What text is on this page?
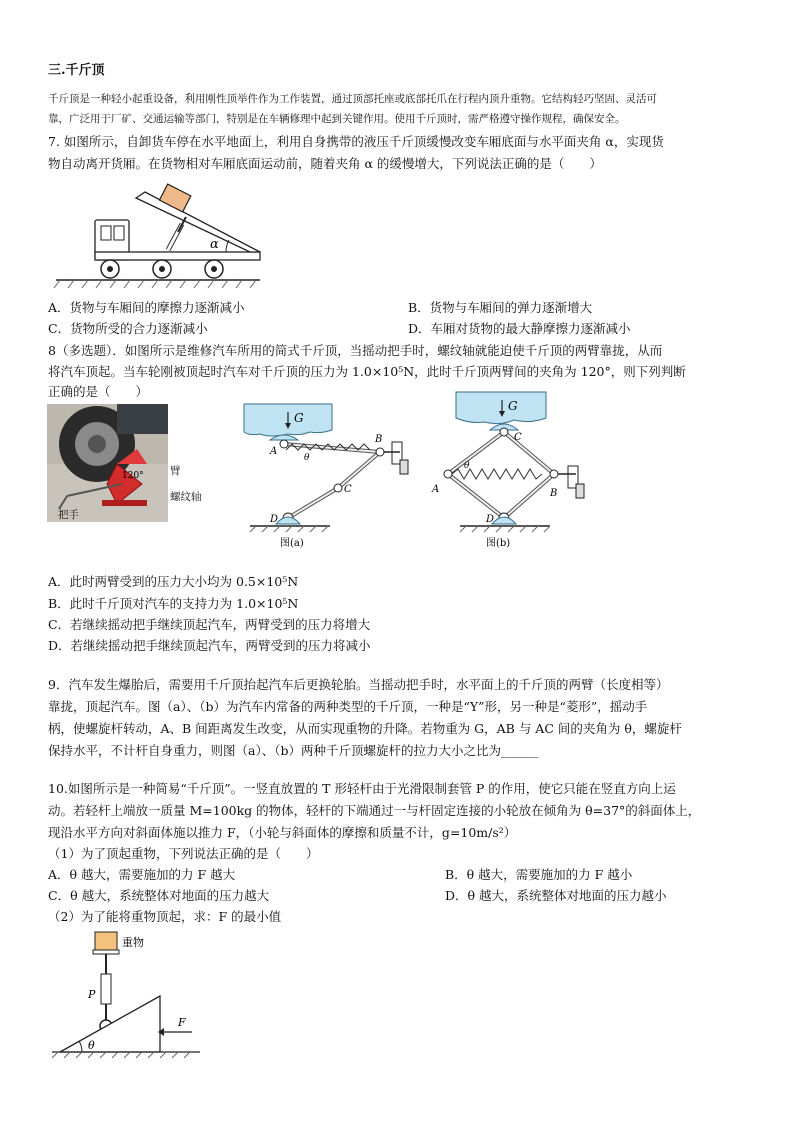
三.千斤顶
千斤顶是一种轻小起重设备，利用刚性顶举件作为工作装置，通过顶部托座或底部托爪在行程内顶升重物。它结构轻巧坚固、灵活可
靠，广泛用于厂矿、交通运输等部门，特别是在车辆修理中起到关键作用。使用千斤顶时，需严格遵守操作规程，确保安全。
7. 如图所示，自卸货车停在水平地面上，利用自身携带的液压千斤顶缓慢改变车厢底面与水平面夹角 α，实现货
物自动离开货厢。在货物相对车厢底面运动前，随着夹角 α 的缓慢增大，下列说法正确的是（　　）
α
A．货物与车厢间的摩擦力逐渐减小	B．货物与车厢间的弹力逐渐增大
C．货物所受的合力逐渐减小	D．车厢对货物的最大静摩擦力逐渐减小
8（多选题）．如图所示是维修汽车所用的简式千斤顶，当摇动把手时，螺纹轴就能迫使千斤顶的两臂靠拢，从而
将汽车顶起。当车轮刚被顶起时汽车对千斤顶的压力为 1.0×10⁵N，此时千斤顶两臂间的夹角为 120°，则下列判断
正确的是（　　）
120°	臂
螺纹轴
把手
G
A
B
C
D
θ
图(a)
G
A	B
C
D
θ
图(b)
A．此时两臂受到的压力大小均为 0.5×10⁵N
B．此时千斤顶对汽车的支持力为 1.0×10⁵N
C．若继续摇动把手继续顶起汽车，两臂受到的压力将增大
D．若继续摇动把手继续顶起汽车，两臂受到的压力将减小
9．汽车发生爆胎后，需要用千斤顶抬起汽车后更换轮胎。当摇动把手时，水平面上的千斤顶的两臂（长度相等）
靠拢，顶起汽车。图（a）、（b）为汽车内常备的两种类型的千斤顶，一种是“Y”形，另一种是“菱形”，摇动手
柄，使螺旋杆转动，A、B 间距离发生改变，从而实现重物的升降。若物重为 G，AB 与 AC 间的夹角为 θ，螺旋杆
保持水平，不计杆自身重力，则图（a）、（b）两种千斤顶螺旋杆的拉力大小之比为______
10.如图所示是一种简易“千斤顶”。一竖直放置的 T 形轻杆由于光滑限制套管 P 的作用，使它只能在竖直方向上运
动。若轻杆上端放一质量 M=100kg 的物体，轻杆的下端通过一与杆固定连接的小轮放在倾角为 θ=37°的斜面体上，
现沿水平方向对斜面体施以推力 F，（小轮与斜面体的摩擦和质量不计，g=10m/s²）
（1）为了顶起重物，下列说法正确的是（　　）
A．θ 越大，需要施加的力 F 越大	B．θ 越大，需要施加的力 F 越小
C．θ 越大，系统整体对地面的压力越大	D．θ 越大，系统整体对地面的压力越小
（2）为了能将重物顶起，求：F 的最小值
重物
P
θ
F
